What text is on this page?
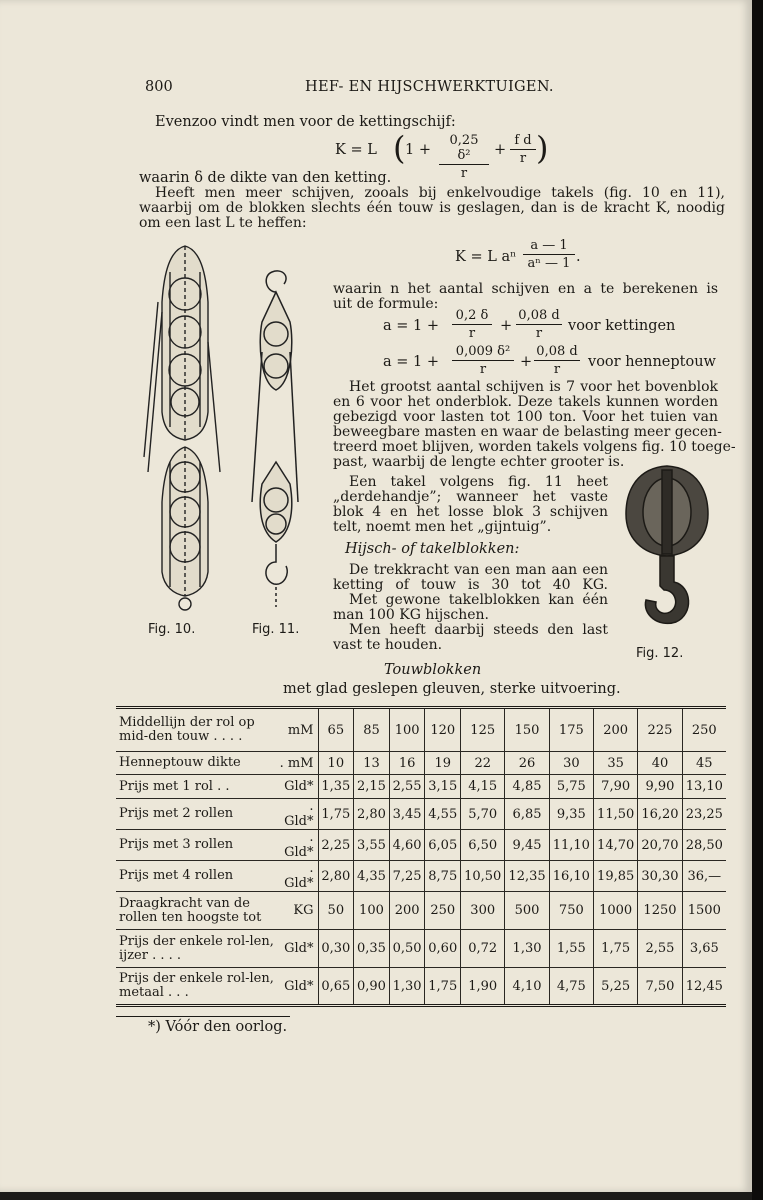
800	HEF- EN HIJSCHWERKTUIGEN.
Evenzoo vindt men voor de kettingschijf:
K = L ( $1 + \frac{\text{0,25 δ²}}{r} + \frac{\text{f d}}{r}$ )
waarin δ de dikte van den ketting.
Heeft men meer schijven, zooals bij enkelvoudige takels (fig. 10 en 11),
waarbij om de blokken slechts één touw is geslagen, dan is de kracht K, noodig
om een last L te heffen:
K = L aⁿ $\frac{a — 1}{\text{aⁿ — 1}}$ .
waarin n het aantal schijven en a te berekenen is
uit de formule:
$a = 1 + \frac{0,2 \delta}{r} + \frac{0,08 d}{r}$ voor kettingen
$a = 1 + \frac{\text{0,009 δ²}}{r} + \frac{0,08 d}{r}$ voor henneptouw
Het grootst aantal schijven is 7 voor het bovenblok
en 6 voor het onderblok. Deze takels kunnen worden
gebezigd voor lasten tot 100 ton. Voor het tuien van
beweegbare masten en waar de belasting meer gecen-
treerd moet blijven, worden takels volgens fig. 10 toege-
past, waarbij de lengte echter grooter is.
Een takel volgens fig. 11 heet
„derdehandje”; wanneer het vaste
blok 4 en het losse blok 3 schijven
telt, noemt men het „gijntuig”.
Hijsch- of takelblokken:
De trekkracht van een man aan een
ketting of touw is 30 tot 40 KG.
Met gewone takelblokken kan één
man 100 KG hijschen.
Men heeft daarbij steeds den last
vast te houden.
Fig. 10.	Fig. 11.
Fig. 12.
Touwblokken
met glad geslepen gleuven, sterke uitvoering.
Middellijn der rol op mid-den touw . . . .	mM	65	85	100	120	125	150	175	200	225	250
Henneptouw dikte	. mM	10	13	16	19	22	26	30	35	40	45
Prijs met 1 rol . .	Gld*	1,35	2,15	2,55	3,15	4,15	4,85	5,75	7,90	9,90	13,10
Prijs met 2 rollen	. Gld*	1,75	2,80	3,45	4,55	5,70	6,85	9,35	11,50	16,20	23,25
Prijs met 3 rollen	. Gld*	2,25	3,55	4,60	6,05	6,50	9,45	11,10	14,70	20,70	28,50
Prijs met 4 rollen	. Gld*	2,80	4,35	7,25	8,75	10,50	12,35	16,10	19,85	30,30	36,—
Draagkracht van de rollen ten hoogste tot	KG	50	100	200	250	300	500	750	1000	1250	1500
Prijs der enkele rol-len, ijzer . . . .	Gld*	0,30	0,35	0,50	0,60	0,72	1,30	1,55	1,75	2,55	3,65
Prijs der enkele rol-len, metaal . . .	Gld*	0,65	0,90	1,30	1,75	1,90	4,10	4,75	5,25	7,50	12,45
*) Vóór den oorlog.
